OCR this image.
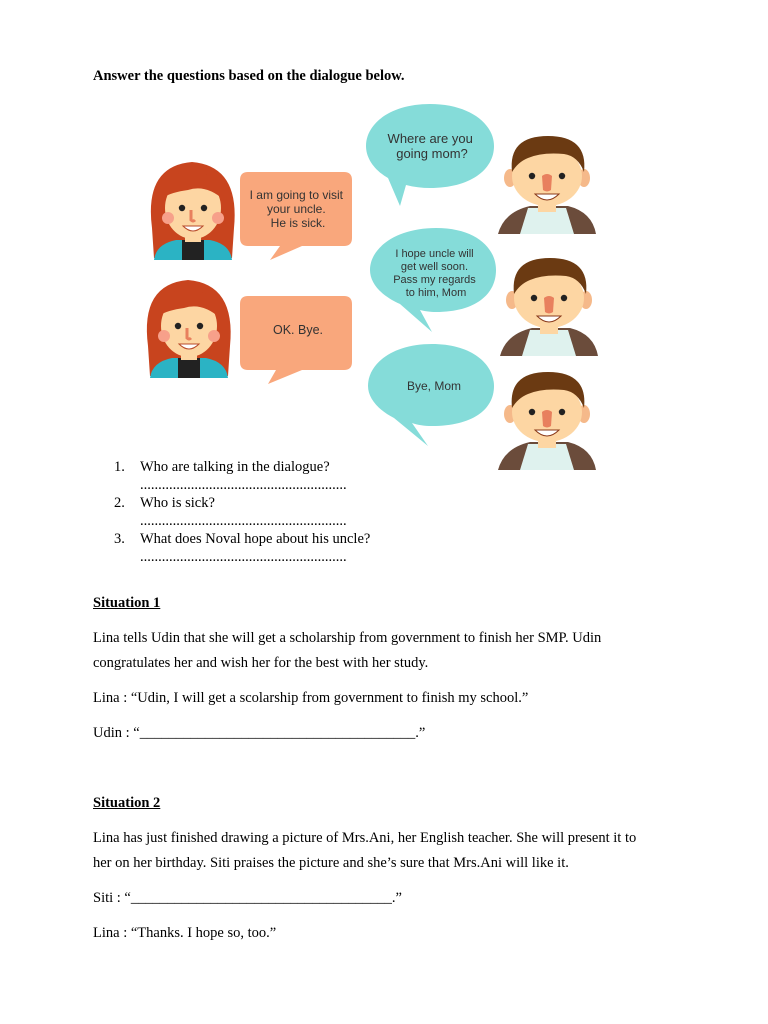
Answer the questions based on the dialogue below.

I am going to visit your uncle. He is sick.
OK. Bye.
Where are you going mom?
I hope uncle will get well soon. Pass my regards to him, Mom
Bye, Mom
1. Who are talking in the dialogue?
.........................................................
2. Who is sick?
.........................................................
3. What does Noval hope about his uncle?
.........................................................

Situation 1

Lina tells Udin that she will get a scholarship from government to finish her SMP. Udin
congratulates her and wish her for the best with her study.

Lina : “Udin, I will get a scolarship from government to finish my school.”

Udin : “______________________________________.”

Situation 2

Lina has just finished drawing a picture of Mrs.Ani, her English teacher. She will present it to
her on her birthday. Siti praises the picture and she’s sure that Mrs.Ani will like it.

Siti : “____________________________________.”

Lina : “Thanks. I hope so, too.”
